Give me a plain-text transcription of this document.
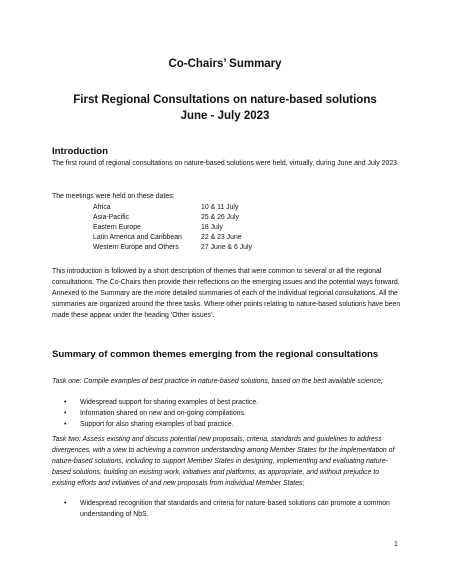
Co-Chairs’ Summary
First Regional Consultations on nature-based solutions
June - July 2023
Introduction
The first round of regional consultations on nature-based solutions were held, virtually, during June and July 2023.
The meetings were held on these dates:
Africa	10 & 11 July
Asia-Pacific	25 & 26 July
Eastern Europe	18 July
Latin America and Caribbean	22 & 23 June
Western Europe and Others	27 June & 6 July
This introduction is followed by a short description of themes that were common to several or all the regional consultations. The Co-Chairs then provide their reflections on the emerging issues and the potential ways forward. Annexed to the Summary are the more detailed summaries of each of the individual regional consultations. All the summaries are organized around the three tasks. Where other points relating to nature-based solutions have been made these appear under the heading ‘Other issues’.
Summary of common themes emerging from the regional consultations
Task one: Compile examples of best practice in nature-based solutions, based on the best available science;
• Widespread support for sharing examples of best practice.
• Information shared on new and on-going compilations.
• Support for also sharing examples of bad practice.
Task two: Assess existing and discuss potential new proposals, criteria, standards and guidelines to address divergences, with a view to achieving a common understanding among Member States for the implementation of nature-based solutions, including to support Member States in designing, implementing and evaluating nature-based solutions, building on existing work, initiatives and platforms, as appropriate, and without prejudice to existing efforts and initiatives of and new proposals from individual Member States;
• Widespread recognition that standards and criteria for nature-based solutions can promote a common understanding of NbS.
1
